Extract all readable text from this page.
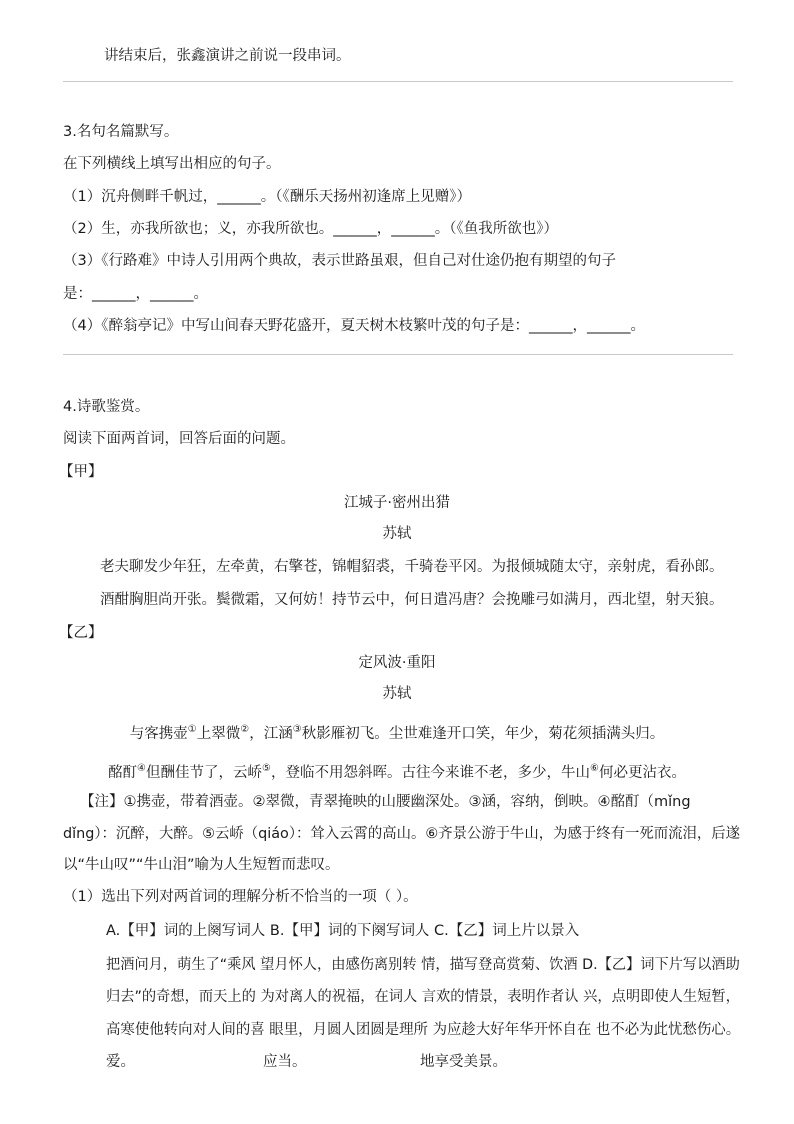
讲结束后，张鑫演讲之前说一段串词。
3.名句名篇默写。
在下列横线上填写出相应的句子。
（1）沉舟侧畔千帆过，______。（《酬乐天扬州初逢席上见赠》）
（2）生，亦我所欲也；义，亦我所欲也。______，______。（《鱼我所欲也》）
（3）《行路难》中诗人引用两个典故，表示世路虽艰，但自己对仕途仍抱有期望的句子
是：______，______。
（4）《醉翁亭记》中写山间春天野花盛开，夏天树木枝繁叶茂的句子是：______，______。
4.诗歌鉴赏。
阅读下面两首词，回答后面的问题。
【甲】
江城子·密州出猎
苏轼
老夫聊发少年狂，左牵黄，右擎苍，锦帽貂裘，千骑卷平冈。为报倾城随太守，亲射虎，看孙郎。
酒酣胸胆尚开张。鬓微霜，又何妨！持节云中，何日遣冯唐？会挽雕弓如满月，西北望，射天狼。
【乙】
定风波·重阳
苏轼
与客携壶①上翠微②，江涵③秋影雁初飞。尘世难逢开口笑，年少，菊花须插满头归。
酩酊④但酬佳节了，云峤⑤，登临不用怨斜晖。古往今来谁不老，多少，牛山⑥何必更沾衣。
【注】①携壶，带着酒壶。②翠微，青翠掩映的山腰幽深处。③涵，容纳，倒映。④酩酊（mǐng
dǐng）：沉醉，大醉。⑤云峤（qiáo）：耸入云霄的高山。⑥齐景公游于牛山，为感于终有一死而流泪，后遂
以“牛山叹”“牛山泪”喻为人生短暂而悲叹。
（1）选出下列对两首词的理解分析不恰当的一项（ ）。
A.【甲】词的上阕写词人 B.【甲】词的下阕写词人 C.【乙】词上片以景入
把酒问月，萌生了“乘风 望月怀人，由感伤离别转 情，描写登高赏菊、饮酒 D.【乙】词下片写以酒助
归去”的奇想，而天上的 为对离人的祝福，在词人 言欢的情景，表明作者认 兴，点明即使人生短暂，
高寒使他转向对人间的喜 眼里，月圆人团圆是理所 为应趁大好年华开怀自在 也不必为此忧愁伤心。
爱。	应当。	地享受美景。
